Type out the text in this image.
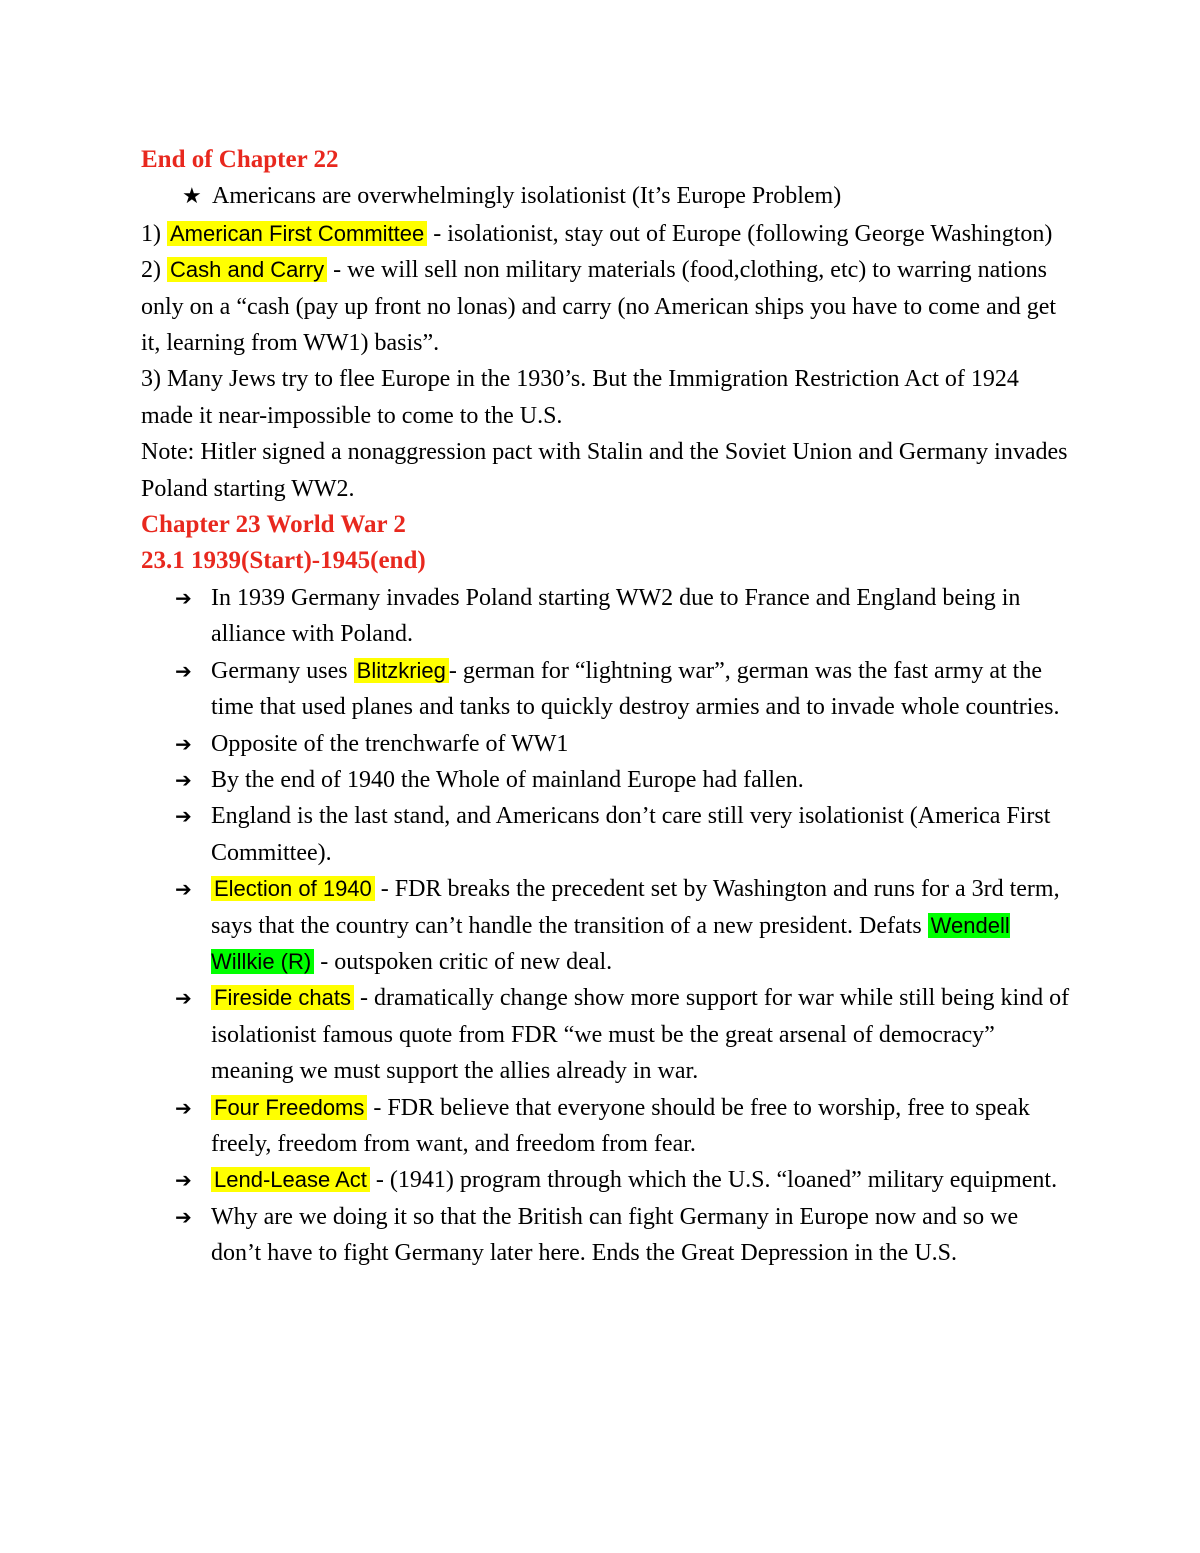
End of Chapter 22
★ Americans are overwhelmingly isolationist (It’s Europe Problem)
1) American First Committee - isolationist, stay out of Europe (following George Washington)
2) Cash and Carry - we will sell non military materials (food,clothing, etc) to warring nations only on a “cash (pay up front no lonas) and carry (no American ships you have to come and get it, learning from WW1) basis”.
3) Many Jews try to flee Europe in the 1930’s. But the Immigration Restriction Act of 1924 made it near-impossible to come to the U.S.
Note: Hitler signed a nonaggression pact with Stalin and the Soviet Union and Germany invades Poland starting WW2.
Chapter 23 World War 2
23.1 1939(Start)-1945(end)
➔ In 1939 Germany invades Poland starting WW2 due to France and England being in alliance with Poland.
➔ Germany uses Blitzkrieg - german for “lightning war”, german was the fast army at the time that used planes and tanks to quickly destroy armies and to invade whole countries.
➔ Opposite of the trenchwarfe of WW1
➔ By the end of 1940 the Whole of mainland Europe had fallen.
➔ England is the last stand, and Americans don’t care still very isolationist (America First Committee).
➔ Election of 1940 - FDR breaks the precedent set by Washington and runs for a 3rd term, says that the country can’t handle the transition of a new president. Defats Wendell Willkie (R) - outspoken critic of new deal.
➔ Fireside chats - dramatically change show more support for war while still being kind of isolationist famous quote from FDR “we must be the great arsenal of democracy” meaning we must support the allies already in war.
➔ Four Freedoms - FDR believe that everyone should be free to worship, free to speak freely, freedom from want, and freedom from fear.
➔ Lend-Lease Act - (1941) program through which the U.S. “loaned” military equipment.
➔ Why are we doing it so that the British can fight Germany in Europe now and so we don’t have to fight Germany later here. Ends the Great Depression in the U.S.
